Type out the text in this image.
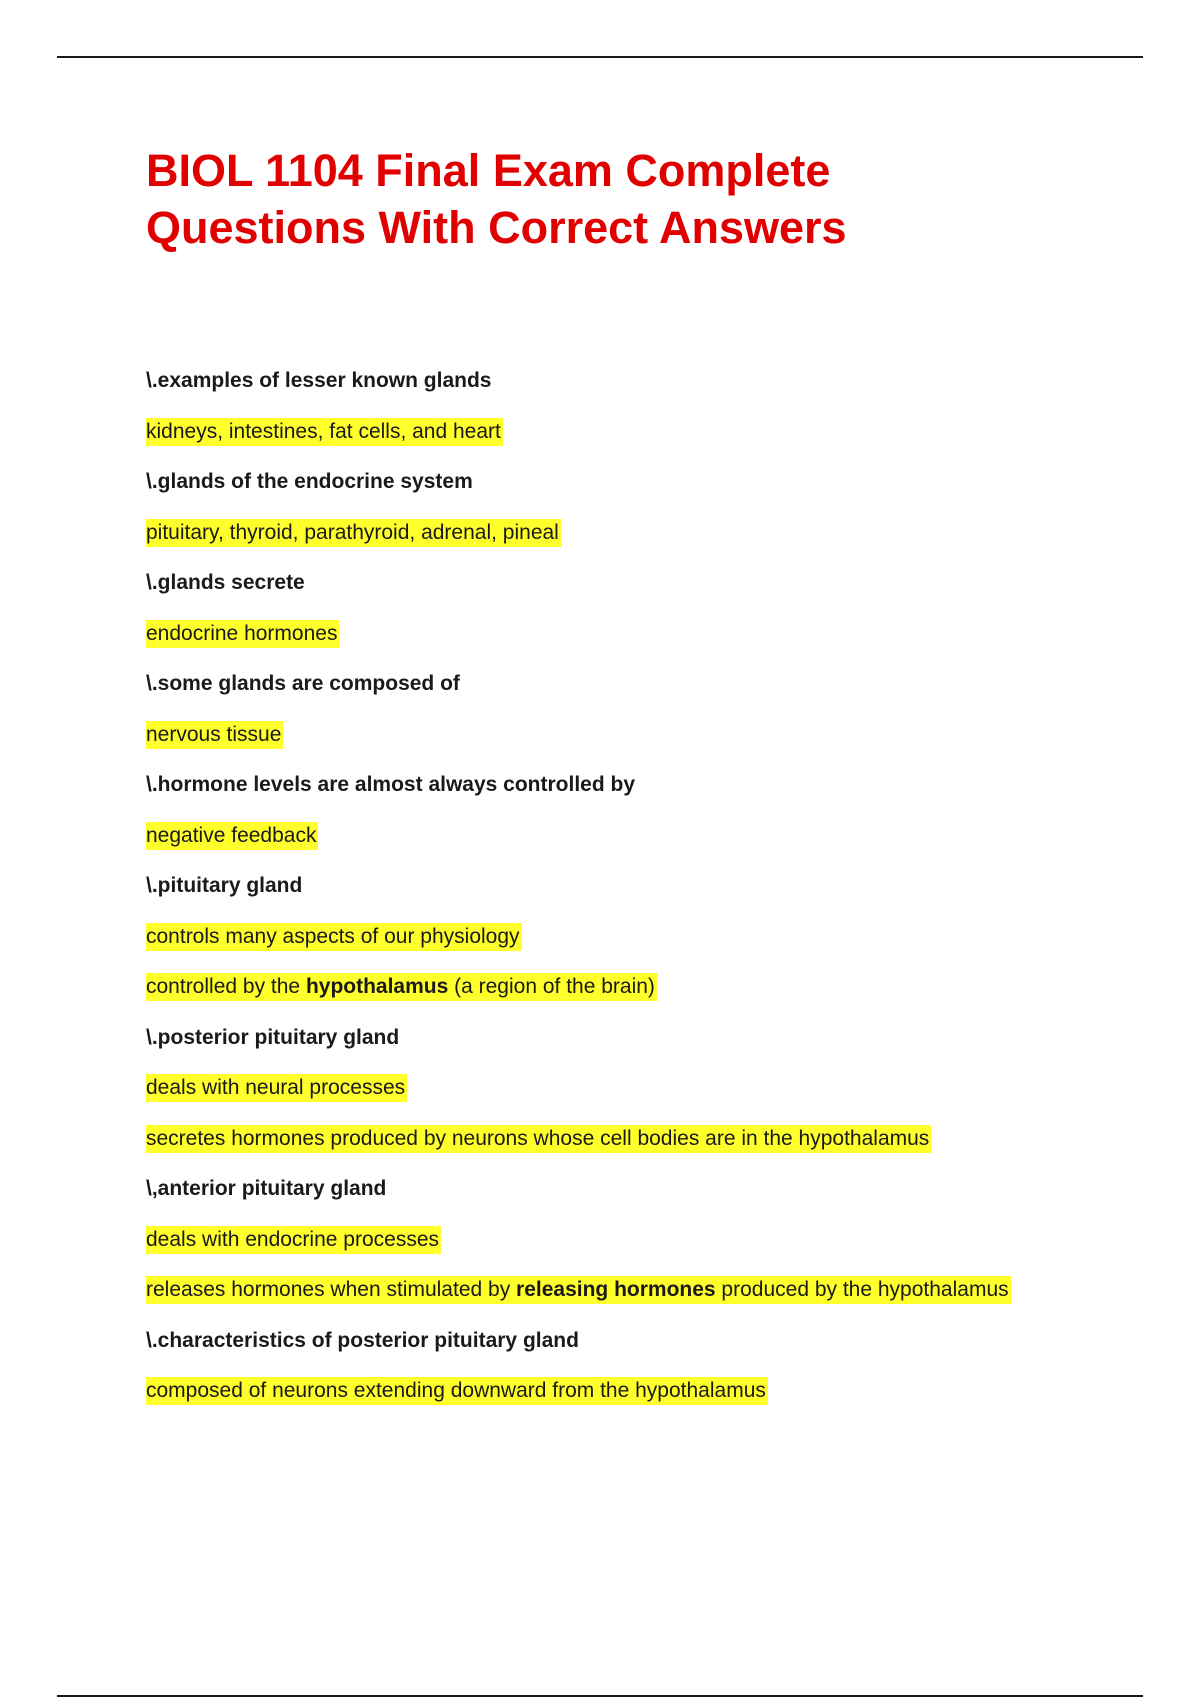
BIOL 1104 Final Exam Complete
Questions With Correct Answers
\.examples of lesser known glands
kidneys, intestines, fat cells, and heart
\.glands of the endocrine system
pituitary, thyroid, parathyroid, adrenal, pineal
\.glands secrete
endocrine hormones
\.some glands are composed of
nervous tissue
\.hormone levels are almost always controlled by
negative feedback
\.pituitary gland
controls many aspects of our physiology
controlled by the hypothalamus (a region of the brain)
\.posterior pituitary gland
deals with neural processes
secretes hormones produced by neurons whose cell bodies are in the hypothalamus
\,anterior pituitary gland
deals with endocrine processes
releases hormones when stimulated by releasing hormones produced by the hypothalamus
\.characteristics of posterior pituitary gland
composed of neurons extending downward from the hypothalamus
